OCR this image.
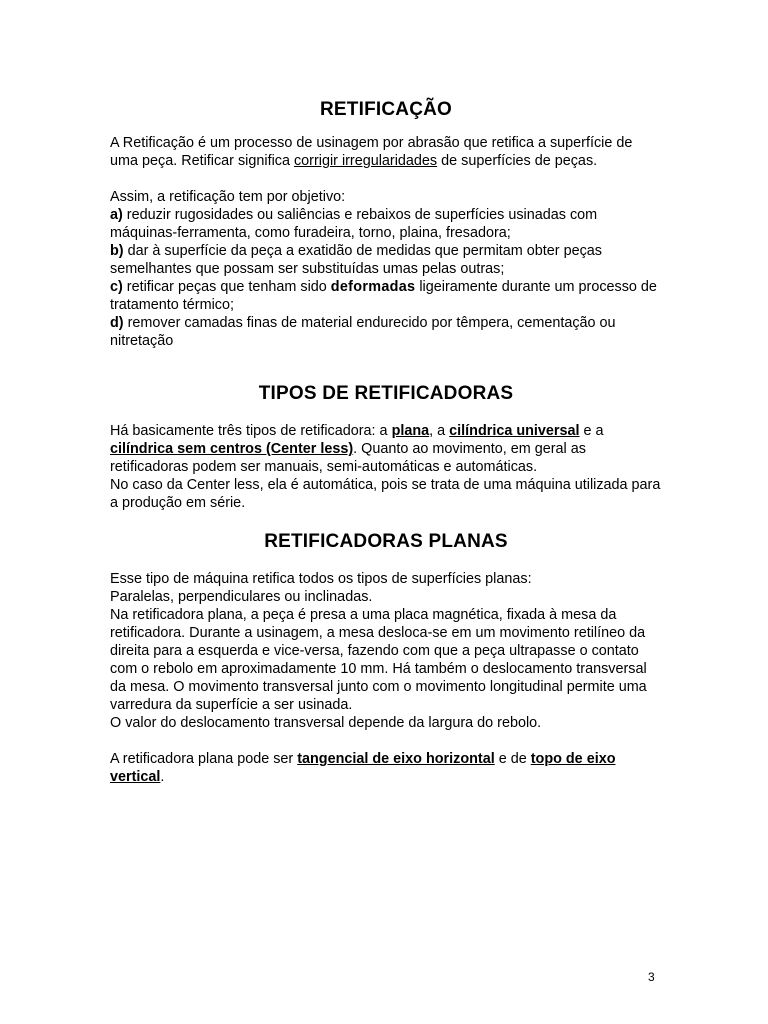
RETIFICAÇÃO

A Retificação é um processo de usinagem por abrasão que retifica a superfície de uma peça. Retificar significa corrigir irregularidades de superfícies de peças.

Assim, a retificação tem por objetivo:

a) reduzir rugosidades ou saliências e rebaixos de superfícies usinadas com máquinas-ferramenta, como furadeira, torno, plaina, fresadora;

b) dar à superfície da peça a exatidão de medidas que permitam obter peças semelhantes que possam ser substituídas umas pelas outras;

c) retificar peças que tenham sido deformadas ligeiramente durante um processo de tratamento térmico;

d) remover camadas finas de material endurecido por têmpera, cementação ou nitretação

TIPOS DE RETIFICADORAS

Há basicamente três tipos de retificadora: a plana, a cilíndrica universal e a cilíndrica sem centros (Center less). Quanto ao movimento, em geral as retificadoras podem ser manuais, semi-automáticas e automáticas.

No caso da Center less, ela é automática, pois se trata de uma máquina utilizada para a produção em série.

RETIFICADORAS PLANAS

Esse tipo de máquina retifica todos os tipos de superfícies planas:

Paralelas, perpendiculares ou inclinadas.

Na retificadora plana, a peça é presa a uma placa magnética, fixada à mesa da retificadora. Durante a usinagem, a mesa desloca-se em um movimento retilíneo da direita para a esquerda e vice-versa, fazendo com que a peça ultrapasse o contato com o rebolo em aproximadamente 10 mm. Há também o deslocamento transversal da mesa. O movimento transversal junto com o movimento longitudinal permite uma varredura da superfície a ser usinada.

O valor do deslocamento transversal depende da largura do rebolo.

A retificadora plana pode ser tangencial de eixo horizontal e de topo de eixo vertical.

3
